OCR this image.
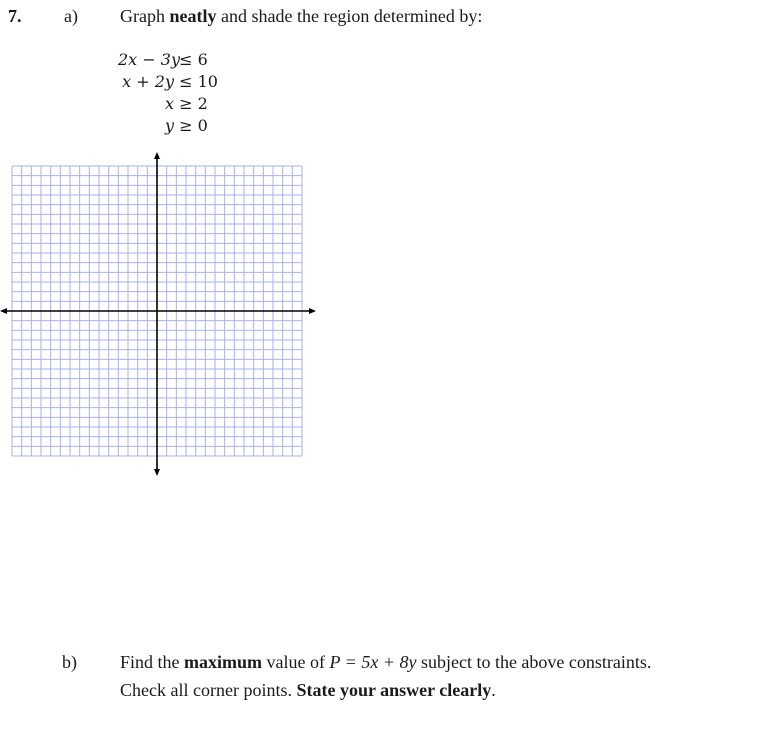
7. a) Graph neatly and shade the region determined by:
2x − 3y ≤ 6
x + 2y ≤ 10
x ≥ 2
y ≥ 0
b) Find the maximum value of P = 5x + 8y subject to the above constraints.
Check all corner points. State your answer clearly.
